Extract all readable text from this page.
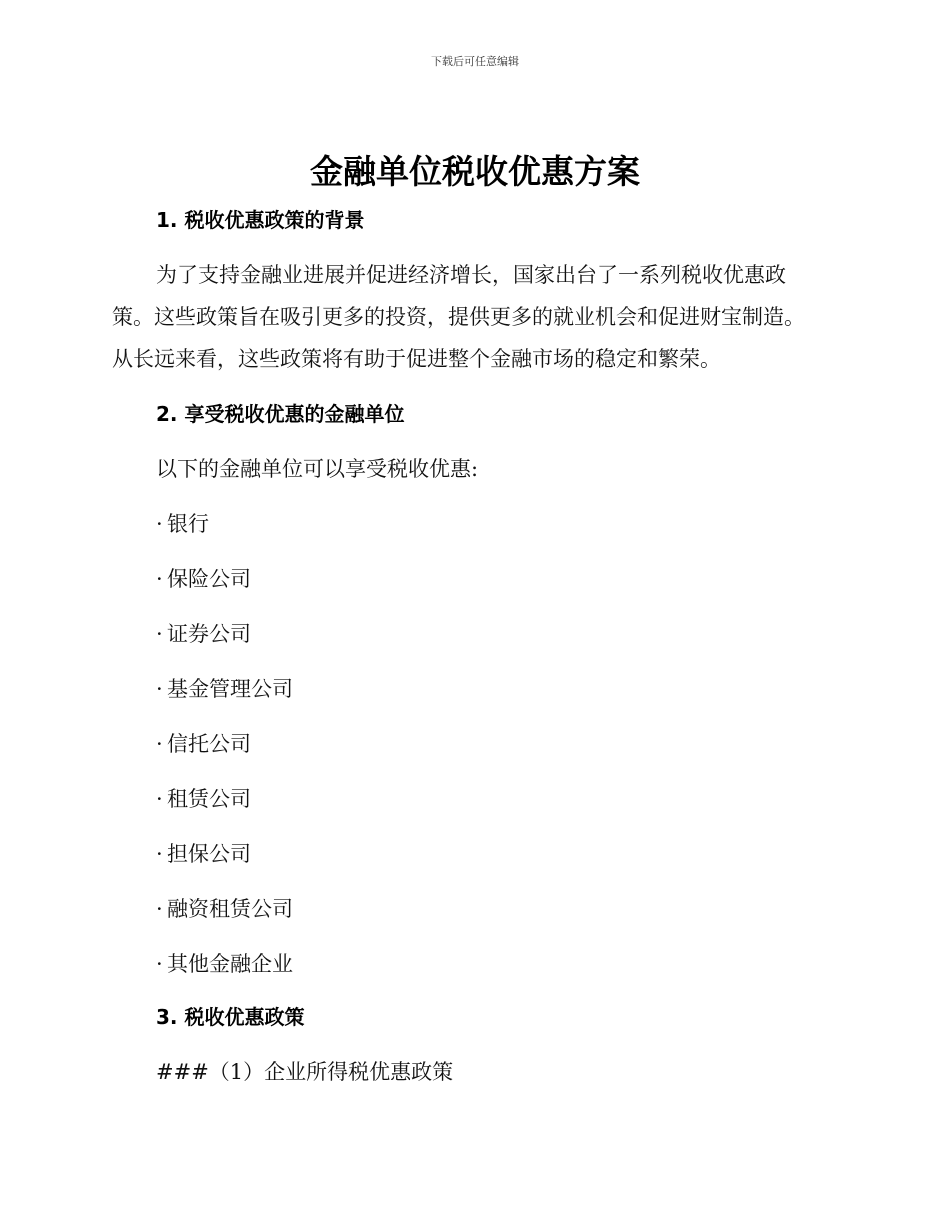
下载后可任意编辑
金融单位税收优惠方案
1. 税收优惠政策的背景

为了支持金融业进展并促进经济增长，国家出台了一系列税收优惠政策。这些政策旨在吸引更多的投资，提供更多的就业机会和促进财宝制造。从长远来看，这些政策将有助于促进整个金融市场的稳定和繁荣。

2. 享受税收优惠的金融单位

以下的金融单位可以享受税收优惠:

· 银行

· 保险公司

· 证券公司

· 基金管理公司

· 信托公司

· 租赁公司

· 担保公司

· 融资租赁公司

· 其他金融企业

3. 税收优惠政策

###（1）企业所得税优惠政策
